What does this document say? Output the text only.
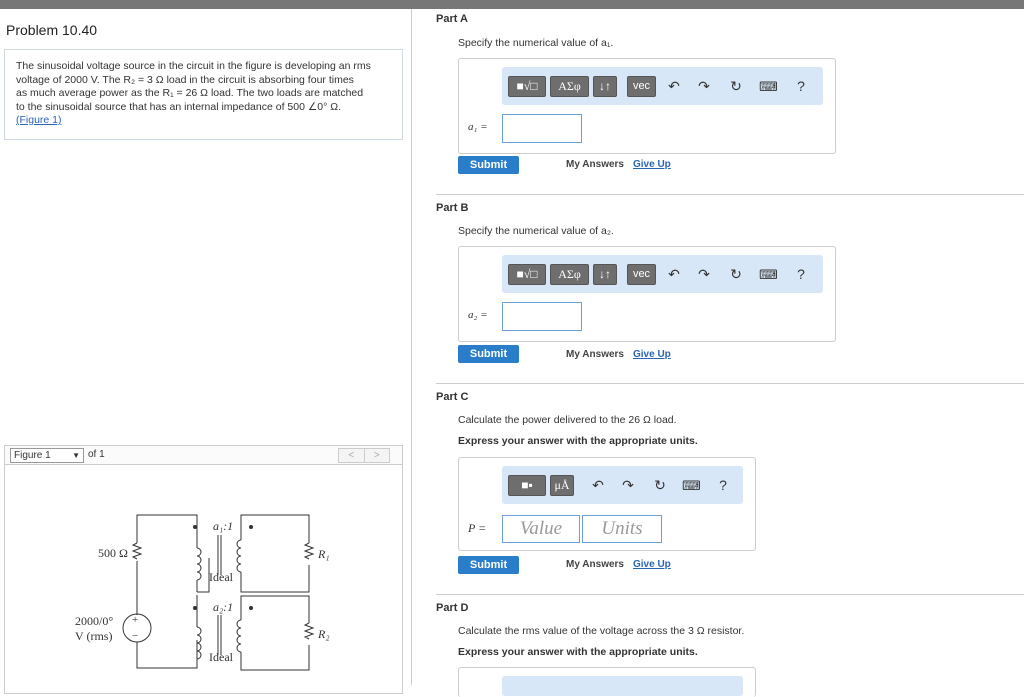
Problem 10.40
The sinusoidal voltage source in the circuit in the figure is developing an rms
voltage of 2000 V. The R₂ = 3 Ω load in the circuit is absorbing four times
as much average power as the R₁ = 26 Ω load. The two loads are matched
to the sinusoidal source that has an internal impedance of 500 ∠0° Ω.
(Figure 1)
Figure 1	▼ of 1	<	>
500 Ω
2000/0°
V (rms)
+
−
a₁:1
Ideal
a₂:1
Ideal
R₁
R₂
Part A
Specify the numerical value of a₁.
■√□	ΑΣφ	↓↑	vec	↶ ↷ ↻ ⌨	?
a₁ =
Submit	My Answers Give Up
Part B
Specify the numerical value of a₂.
■√□	ΑΣφ	↓↑	vec	↶ ↷ ↻ ⌨	?
a₂ =
Submit	My Answers Give Up
Part C
Calculate the power delivered to the 26 Ω load.
Express your answer with the appropriate units.
■▪	μÅ	↶ ↷ ↻ ⌨	?
P =	Value	Units
Submit	My Answers Give Up
Part D
Calculate the rms value of the voltage across the 3 Ω resistor.
Express your answer with the appropriate units.
